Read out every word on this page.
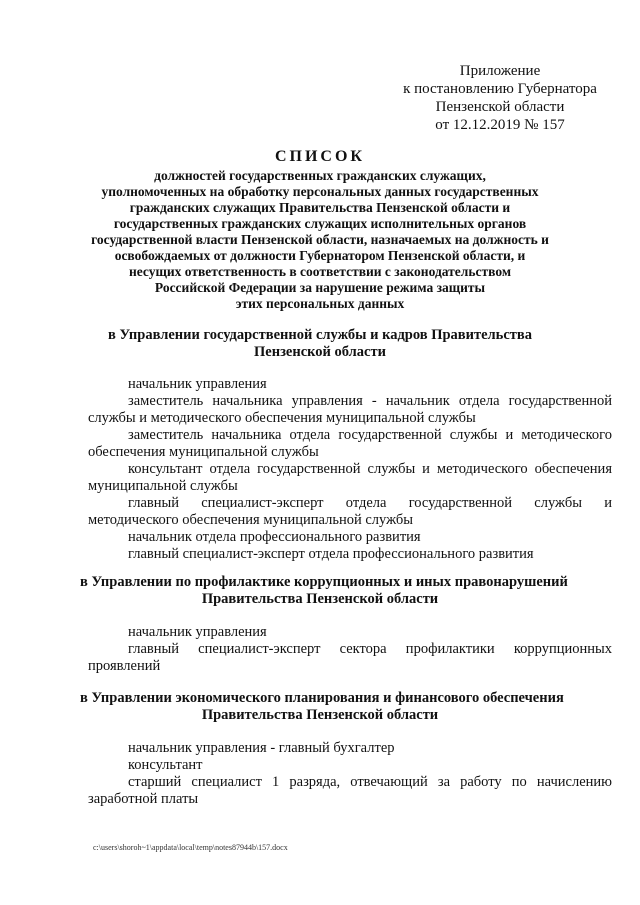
Приложение
к постановлению Губернатора
Пензенской области
от 12.12.2019 № 157
СПИСОК
должностей государственных гражданских служащих,
уполномоченных на обработку персональных данных государственных
гражданских служащих Правительства Пензенской области и
государственных гражданских служащих исполнительных органов
государственной власти Пензенской области, назначаемых на должность и
освобождаемых от должности Губернатором Пензенской области, и
несущих ответственность в соответствии с законодательством
Российской Федерации за нарушение режима защиты
этих персональных данных
в Управлении государственной службы и кадров Правительства
Пензенской области
начальник управления
заместитель начальника управления - начальник отдела государственной службы и методического обеспечения муниципальной службы
заместитель начальника отдела государственной службы и методического обеспечения муниципальной службы
консультант отдела государственной службы и методического обеспечения муниципальной службы
главный специалист-эксперт отдела государственной службы и методического обеспечения муниципальной службы
начальник отдела профессионального развития
главный специалист-эксперт отдела профессионального развития
в Управлении по профилактике коррупционных и иных правонарушений
Правительства Пензенской области
начальник управления
главный специалист-эксперт сектора профилактики коррупционных проявлений
в Управлении экономического планирования и финансового обеспечения
Правительства Пензенской области
начальник управления - главный бухгалтер
консультант
старший специалист 1 разряда, отвечающий за работу по начислению заработной платы
c:\users\shoroh~1\appdata\local\temp\notes87944b\157.docx
